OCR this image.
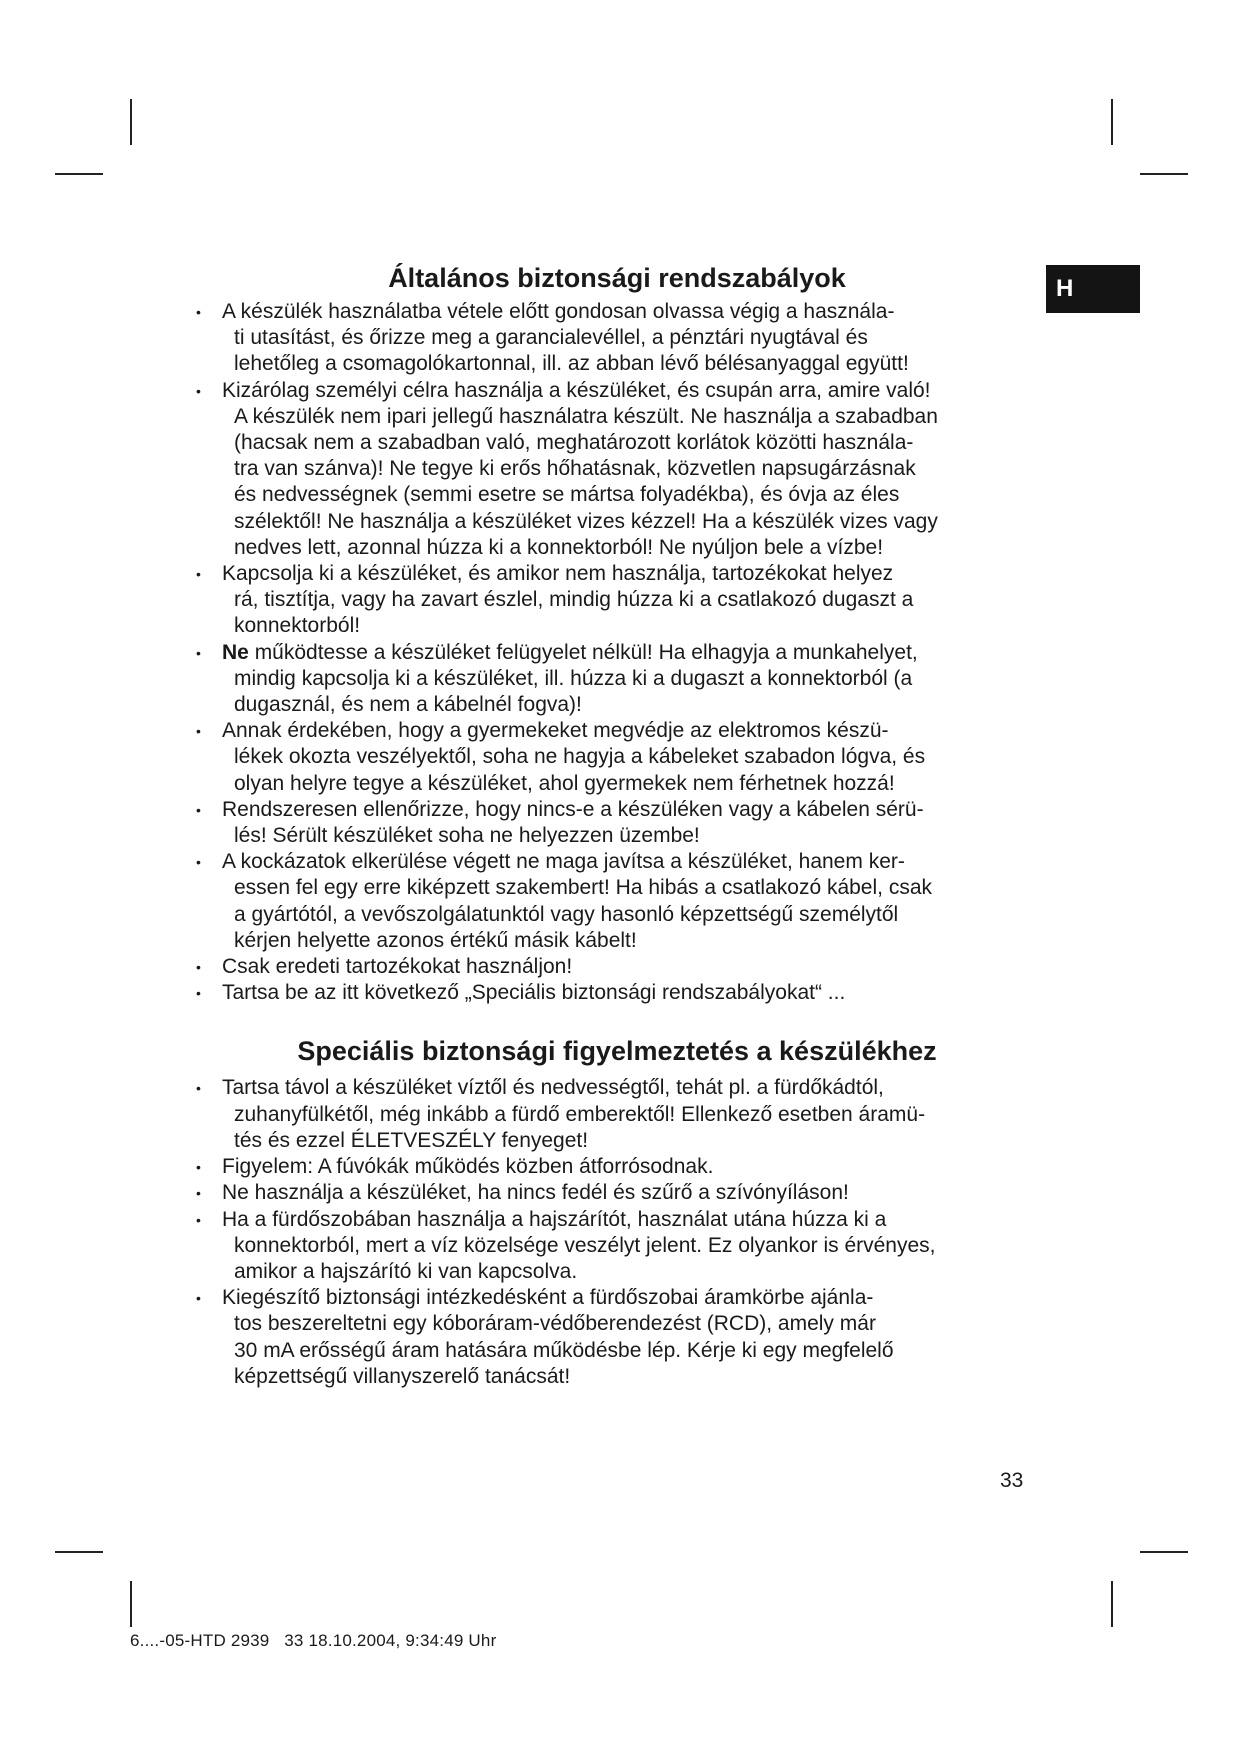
H
Általános biztonsági rendszabályok
• A készülék használatba vétele előtt gondosan olvassa végig a használa-
ti utasítást, és őrizze meg a garancialevéllel, a pénztári nyugtával és
lehetőleg a csomagolókartonnal, ill. az abban lévő bélésanyaggal együtt!
• Kizárólag személyi célra használja a készüléket, és csupán arra, amire való!
A készülék nem ipari jellegű használatra készült. Ne használja a szabadban
(hacsak nem a szabadban való, meghatározott korlátok közötti használa-
tra van szánva)! Ne tegye ki erős hőhatásnak, közvetlen napsugárzásnak
és nedvességnek (semmi esetre se mártsa folyadékba), és óvja az éles
szélektől! Ne használja a készüléket vizes kézzel! Ha a készülék vizes vagy
nedves lett, azonnal húzza ki a konnektorból! Ne nyúljon bele a vízbe!
• Kapcsolja ki a készüléket, és amikor nem használja, tartozékokat helyez
rá, tisztítja, vagy ha zavart észlel, mindig húzza ki a csatlakozó dugaszt a
konnektorból!
• Ne működtesse a készüléket felügyelet nélkül! Ha elhagyja a munkahelyet,
mindig kapcsolja ki a készüléket, ill. húzza ki a dugaszt a konnektorból (a
dugasznál, és nem a kábelnél fogva)!
• Annak érdekében, hogy a gyermekeket megvédje az elektromos készü-
lékek okozta veszélyektől, soha ne hagyja a kábeleket szabadon lógva, és
olyan helyre tegye a készüléket, ahol gyermekek nem férhetnek hozzá!
• Rendszeresen ellenőrizze, hogy nincs-e a készüléken vagy a kábelen sérü-
lés! Sérült készüléket soha ne helyezzen üzembe!
• A kockázatok elkerülése végett ne maga javítsa a készüléket, hanem ker-
essen fel egy erre kiképzett szakembert! Ha hibás a csatlakozó kábel, csak
a gyártótól, a vevőszolgálatunktól vagy hasonló képzettségű személytől
kérjen helyette azonos értékű másik kábelt!
• Csak eredeti tartozékokat használjon!
• Tartsa be az itt következő „Speciális biztonsági rendszabályokat“ ...
Speciális biztonsági figyelmeztetés a készülékhez
• Tartsa távol a készüléket víztől és nedvességtől, tehát pl. a fürdőkádtól,
zuhanyfülkétől, még inkább a fürdő emberektől! Ellenkező esetben áramü-
tés és ezzel ÉLETVESZÉLY fenyeget!
• Figyelem: A fúvókák működés közben átforrósodnak.
• Ne használja a készüléket, ha nincs fedél és szűrő a szívónyíláson!
• Ha a fürdőszobában használja a hajszárítót, használat utána húzza ki a
konnektorból, mert a víz közelsége veszélyt jelent. Ez olyankor is érvényes,
amikor a hajszárító ki van kapcsolva.
• Kiegészítő biztonsági intézkedésként a fürdőszobai áramkörbe ajánla-
tos beszereltetni egy kóboráram-védőberendezést (RCD), amely már
30 mA erősségű áram hatására működésbe lép. Kérje ki egy megfelelő
képzettségű villanyszerelő tanácsát!
33
6....-05-HTD 2939   33 18.10.2004, 9:34:49 Uhr
